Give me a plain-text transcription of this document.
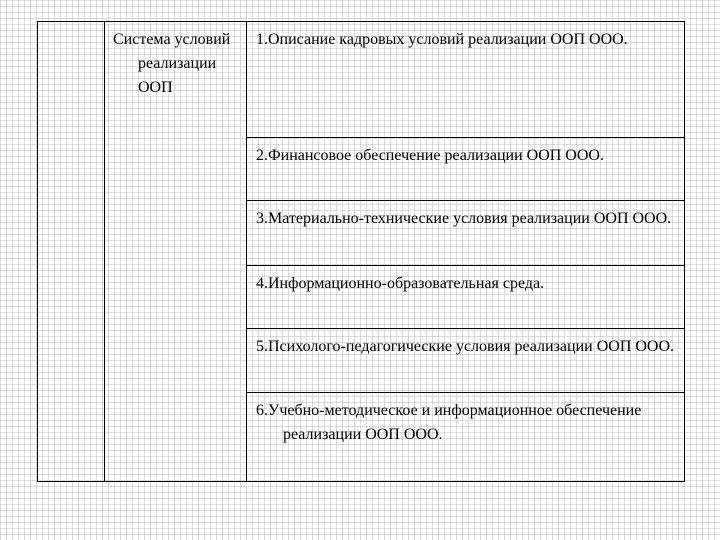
Система условий реализации ООП
1.Описание кадровых условий реализации ООП ООО.
2.Финансовое обеспечение реализации ООП ООО.
3.Материально-технические условия реализации ООП ООО.
4.Информационно-образовательная среда.
5.Психолого-педагогические условия реализации ООП ООО.
6.Учебно-методическое и информационное обеспечение реализации ООП ООО.
